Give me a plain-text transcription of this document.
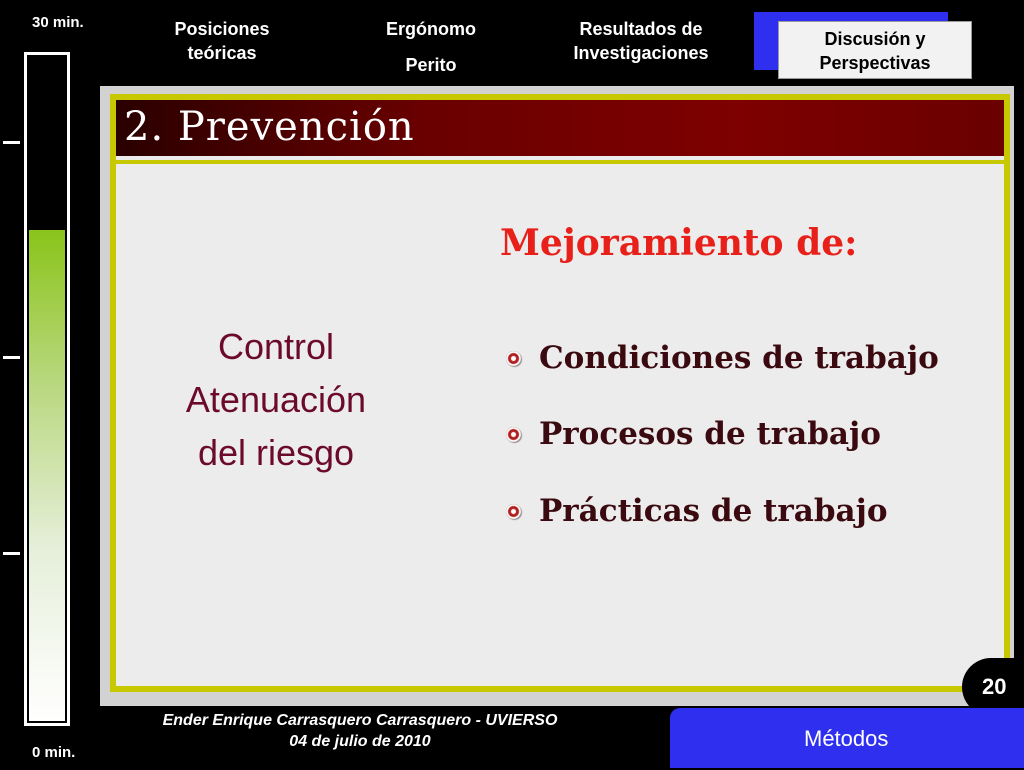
30 min.
0 min.
Posiciones teóricas
Ergónomo
Perito
Resultados de Investigaciones
Discusión y Perspectivas
2. Prevención
Control
Atenuación
del riesgo
Mejoramiento de:
Condiciones de trabajo
Procesos de trabajo
Prácticas de trabajo
20
Ender Enrique Carrasquero Carrasquero - UVIERSO
04 de julio de 2010	Métodos
